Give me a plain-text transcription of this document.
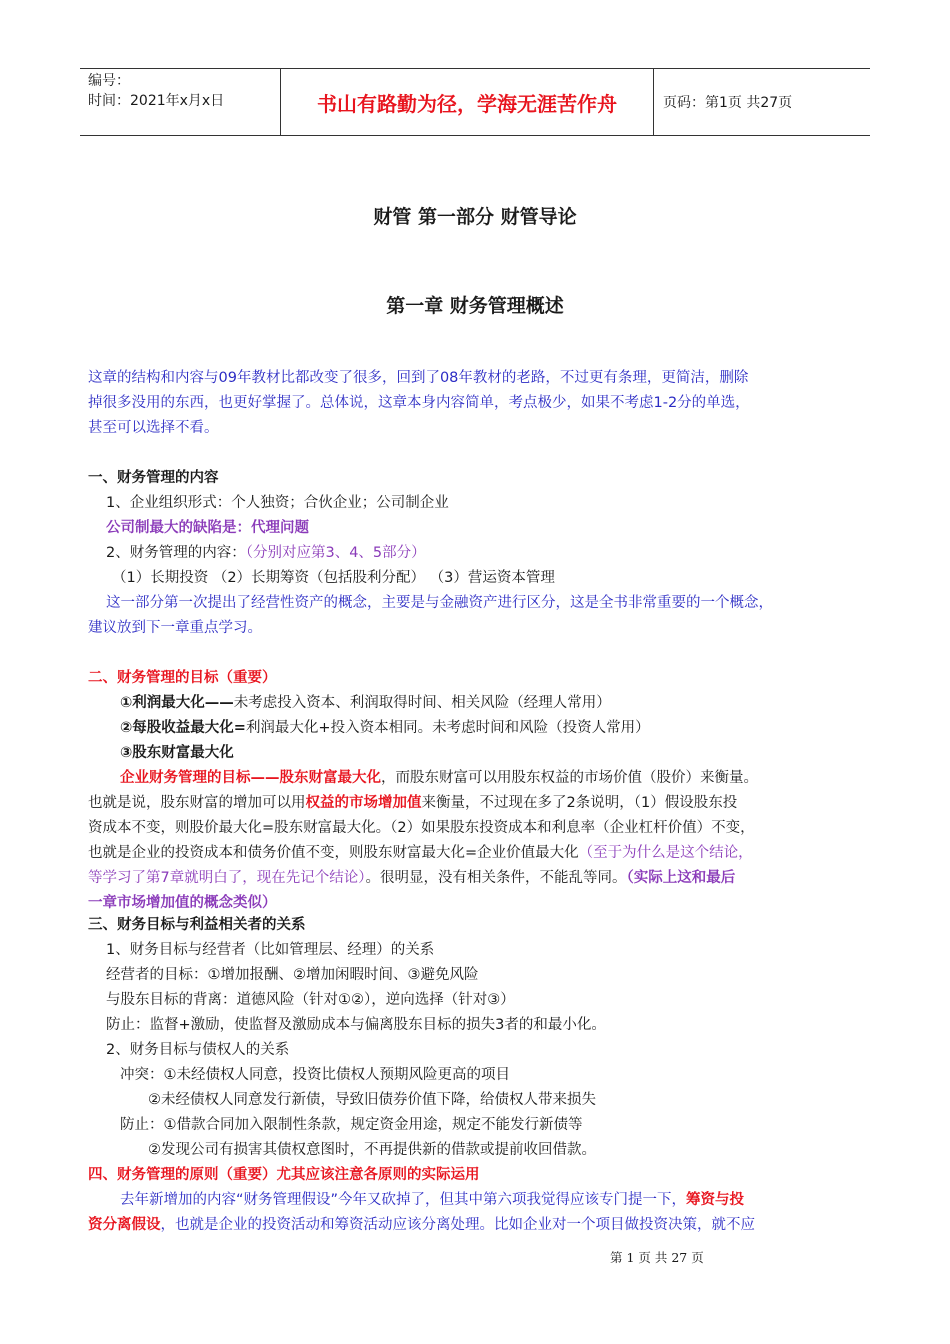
编号：
时间：2021年x月x日	书山有路勤为径，学海无涯苦作舟	页码：第1页 共27页
财管 第一部分 财管导论
第一章 财务管理概述
这章的结构和内容与09年教材比都改变了很多，回到了08年教材的老路，不过更有条理，更简洁，删除
掉很多没用的东西，也更好掌握了。总体说，这章本身内容简单，考点极少，如果不考虑1-2分的单选，
甚至可以选择不看。
一、财务管理的内容
1、企业组织形式：个人独资；合伙企业；公司制企业
公司制最大的缺陷是：代理问题
2、财务管理的内容：（分别对应第3、4、5部分）
（1）长期投资 （2）长期筹资（包括股利分配） （3）营运资本管理
这一部分第一次提出了经营性资产的概念，主要是与金融资产进行区分，这是全书非常重要的一个概念，
建议放到下一章重点学习。
二、财务管理的目标（重要）
①利润最大化——未考虑投入资本、利润取得时间、相关风险（经理人常用）
②每股收益最大化=利润最大化+投入资本相同。未考虑时间和风险（投资人常用）
③股东财富最大化
企业财务管理的目标——股东财富最大化，而股东财富可以用股东权益的市场价值（股价）来衡量。
也就是说，股东财富的增加可以用权益的市场增加值来衡量，不过现在多了2条说明，（1）假设股东投
资成本不变，则股价最大化=股东财富最大化。（2）如果股东投资成本和利息率（企业杠杆价值）不变，
也就是企业的投资成本和债务价值不变，则股东财富最大化=企业价值最大化（至于为什么是这个结论，
等学习了第7章就明白了，现在先记个结论）。很明显，没有相关条件，不能乱等同。（实际上这和最后
一章市场增加值的概念类似）
三、财务目标与利益相关者的关系
1、财务目标与经营者（比如管理层、经理）的关系
经营者的目标：①增加报酬、②增加闲暇时间、③避免风险
与股东目标的背离：道德风险（针对①②），逆向选择（针对③）
防止：监督+激励，使监督及激励成本与偏离股东目标的损失3者的和最小化。
2、财务目标与债权人的关系
冲突：①未经债权人同意，投资比债权人预期风险更高的项目
②未经债权人同意发行新债，导致旧债券价值下降，给债权人带来损失
防止：①借款合同加入限制性条款，规定资金用途，规定不能发行新债等
②发现公司有损害其债权意图时，不再提供新的借款或提前收回借款。
四、财务管理的原则（重要）尤其应该注意各原则的实际运用
去年新增加的内容“财务管理假设”今年又砍掉了，但其中第六项我觉得应该专门提一下，筹资与投
资分离假设，也就是企业的投资活动和筹资活动应该分离处理。比如企业对一个项目做投资决策，就不应
第 1 页 共 27 页
